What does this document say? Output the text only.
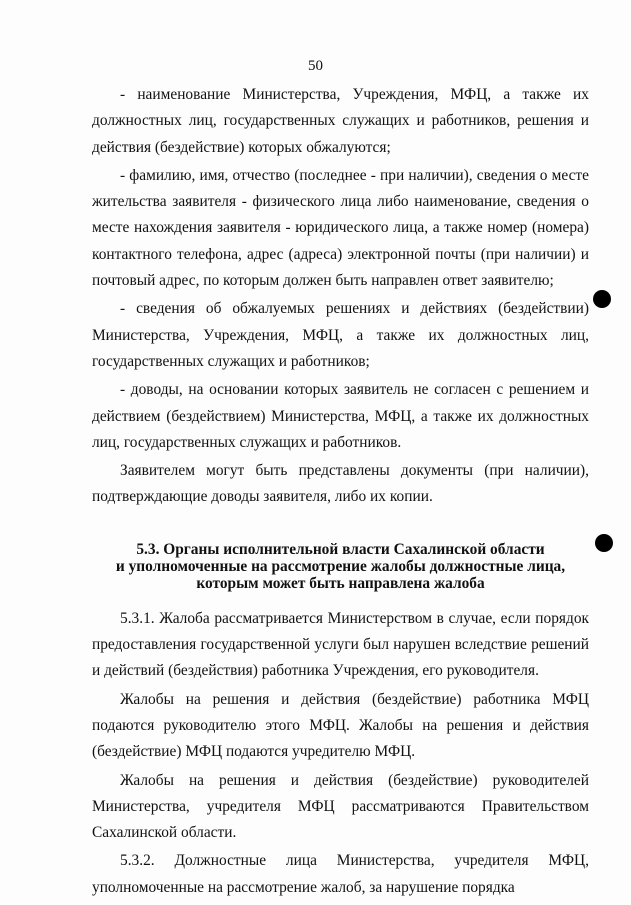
50

- наименование Министерства, Учреждения, МФЦ, а также их должностных лиц, государственных служащих и работников, решения и действия (бездействие) которых обжалуются;

- фамилию, имя, отчество (последнее - при наличии), сведения о месте жительства заявителя - физического лица либо наименование, сведения о месте нахождения заявителя - юридического лица, а также номер (номера) контактного телефона, адрес (адреса) электронной почты (при наличии) и почтовый адрес, по которым должен быть направлен ответ заявителю;

- сведения об обжалуемых решениях и действиях (бездействии) Министерства, Учреждения, МФЦ, а также их должностных лиц, государственных служащих и работников;

- доводы, на основании которых заявитель не согласен с решением и действием (бездействием) Министерства, МФЦ, а также их должностных лиц, государственных служащих и работников.

Заявителем могут быть представлены документы (при наличии), подтверждающие доводы заявителя, либо их копии.

5.3. Органы исполнительной власти Сахалинской области
и уполномоченные на рассмотрение жалобы должностные лица,
которым может быть направлена жалоба

5.3.1. Жалоба рассматривается Министерством в случае, если порядок предоставления государственной услуги был нарушен вследствие решений и действий (бездействия) работника Учреждения, его руководителя.

Жалобы на решения и действия (бездействие) работника МФЦ подаются руководителю этого МФЦ. Жалобы на решения и действия (бездействие) МФЦ подаются учредителю МФЦ.

Жалобы на решения и действия (бездействие) руководителей Министерства, учредителя МФЦ рассматриваются Правительством Сахалинской области.

5.3.2. Должностные лица Министерства, учредителя МФЦ, уполномоченные на рассмотрение жалоб, за нарушение порядка
